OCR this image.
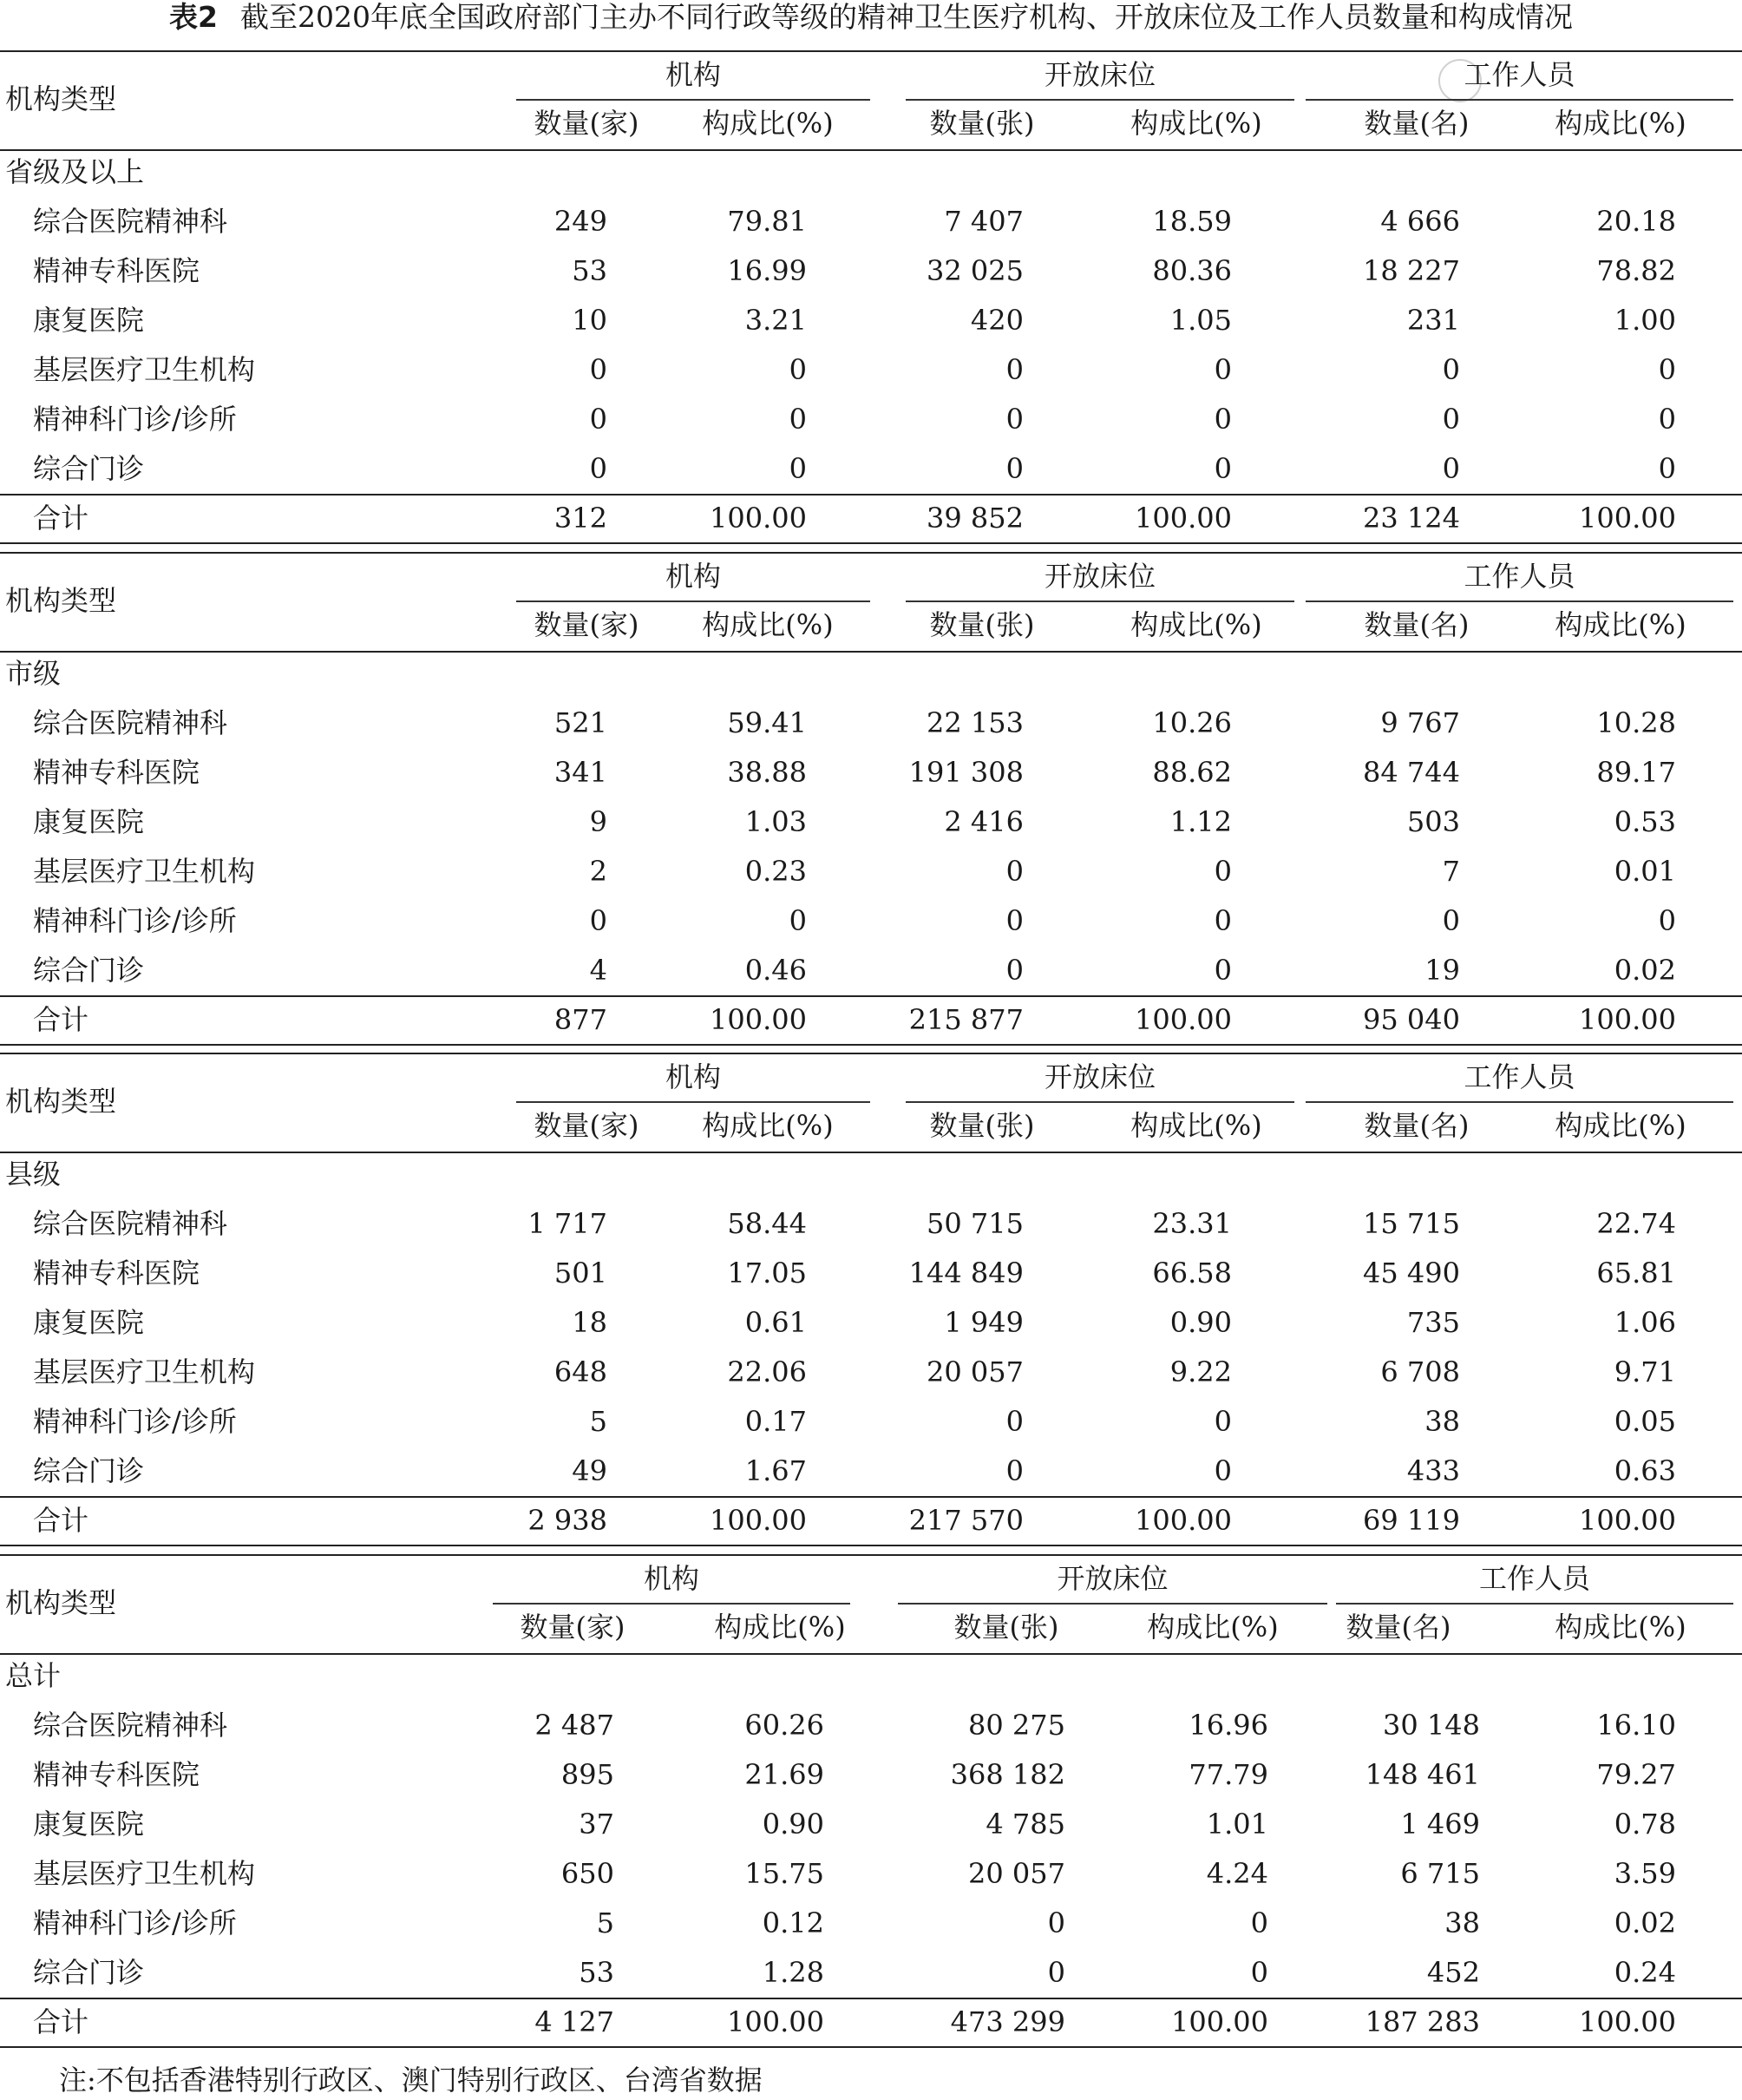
表2 截至2020年底全国政府部门主办不同行政等级的精神卫生医疗机构、开放床位及工作人员数量和构成情况
机构类型
机构	开放床位	工作人员
数量(家)	构成比(%)	数量(张)	构成比(%)	数量(名)	构成比(%)
省级及以上
综合医院精神科	249	79.81	7 407	18.59	4 666	20.18
精神专科医院	53	16.99	32 025	80.36	18 227	78.82
康复医院	10	3.21	420	1.05	231	1.00
基层医疗卫生机构	0	0	0	0	0	0
精神科门诊/诊所	0	0	0	0	0	0
综合门诊	0	0	0	0	0	0
合计	312	100.00	39 852	100.00	23 124	100.00
机构类型
机构	开放床位	工作人员
数量(家)	构成比(%)	数量(张)	构成比(%)	数量(名)	构成比(%)
市级
综合医院精神科	521	59.41	22 153	10.26	9 767	10.28
精神专科医院	341	38.88	191 308	88.62	84 744	89.17
康复医院	9	1.03	2 416	1.12	503	0.53
基层医疗卫生机构	2	0.23	0	0	7	0.01
精神科门诊/诊所	0	0	0	0	0	0
综合门诊	4	0.46	0	0	19	0.02
合计	877	100.00	215 877	100.00	95 040	100.00
机构类型
机构	开放床位	工作人员
数量(家)	构成比(%)	数量(张)	构成比(%)	数量(名)	构成比(%)
县级
综合医院精神科	1 717	58.44	50 715	23.31	15 715	22.74
精神专科医院	501	17.05	144 849	66.58	45 490	65.81
康复医院	18	0.61	1 949	0.90	735	1.06
基层医疗卫生机构	648	22.06	20 057	9.22	6 708	9.71
精神科门诊/诊所	5	0.17	0	0	38	0.05
综合门诊	49	1.67	0	0	433	0.63
合计	2 938	100.00	217 570	100.00	69 119	100.00
机构类型
机构	开放床位	工作人员
数量(家)	构成比(%)	数量(张)	构成比(%)	数量(名)	构成比(%)
总计
综合医院精神科	2 487	60.26	80 275	16.96	30 148	16.10
精神专科医院	895	21.69	368 182	77.79	148 461	79.27
康复医院	37	0.90	4 785	1.01	1 469	0.78
基层医疗卫生机构	650	15.75	20 057	4.24	6 715	3.59
精神科门诊/诊所	5	0.12	0	0	38	0.02
综合门诊	53	1.28	0	0	452	0.24
合计	4 127	100.00	473 299	100.00	187 283	100.00
注:不包括香港特别行政区、澳门特别行政区、台湾省数据
